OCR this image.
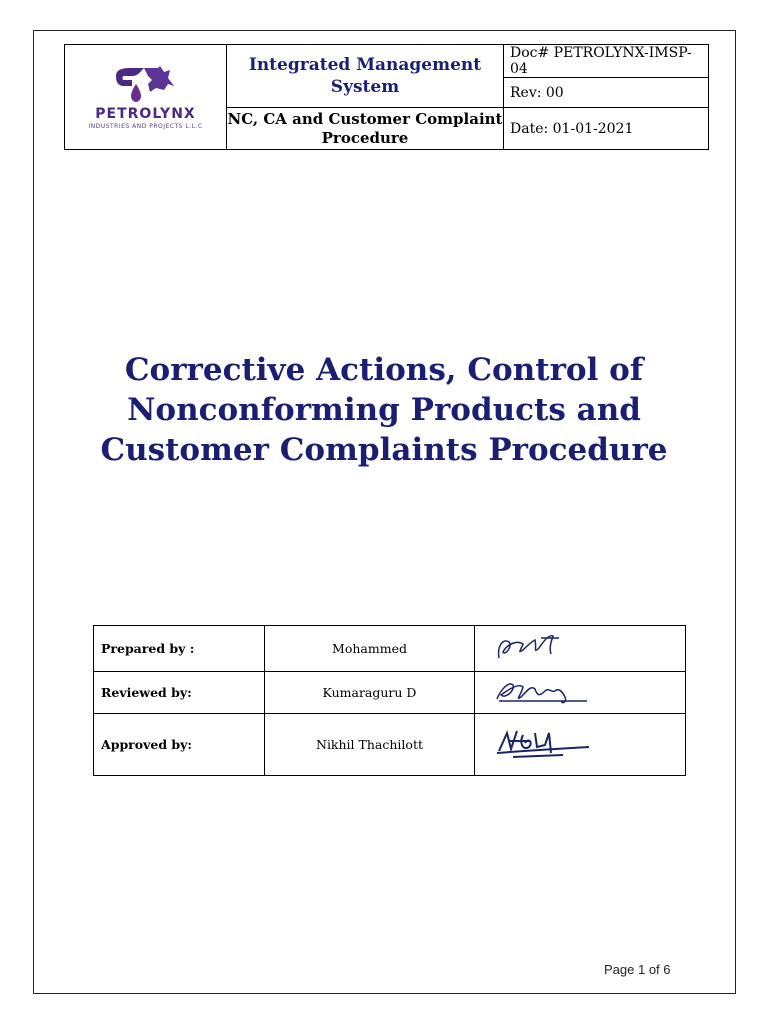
PETROLYNX
INDUSTRIES AND PROJECTS L.L.C	Integrated Management System	Doc# PETROLYNX-IMSP-04
		Rev: 00
	NC, CA and Customer Complaint Procedure	Date: 01-01-2021
Corrective Actions, Control of Nonconforming Products and Customer Complaints Procedure
Prepared by :	Mohammed	
Reviewed by:	Kumaraguru D	
Approved by:	Nikhil Thachilott	
Page 1 of 6
